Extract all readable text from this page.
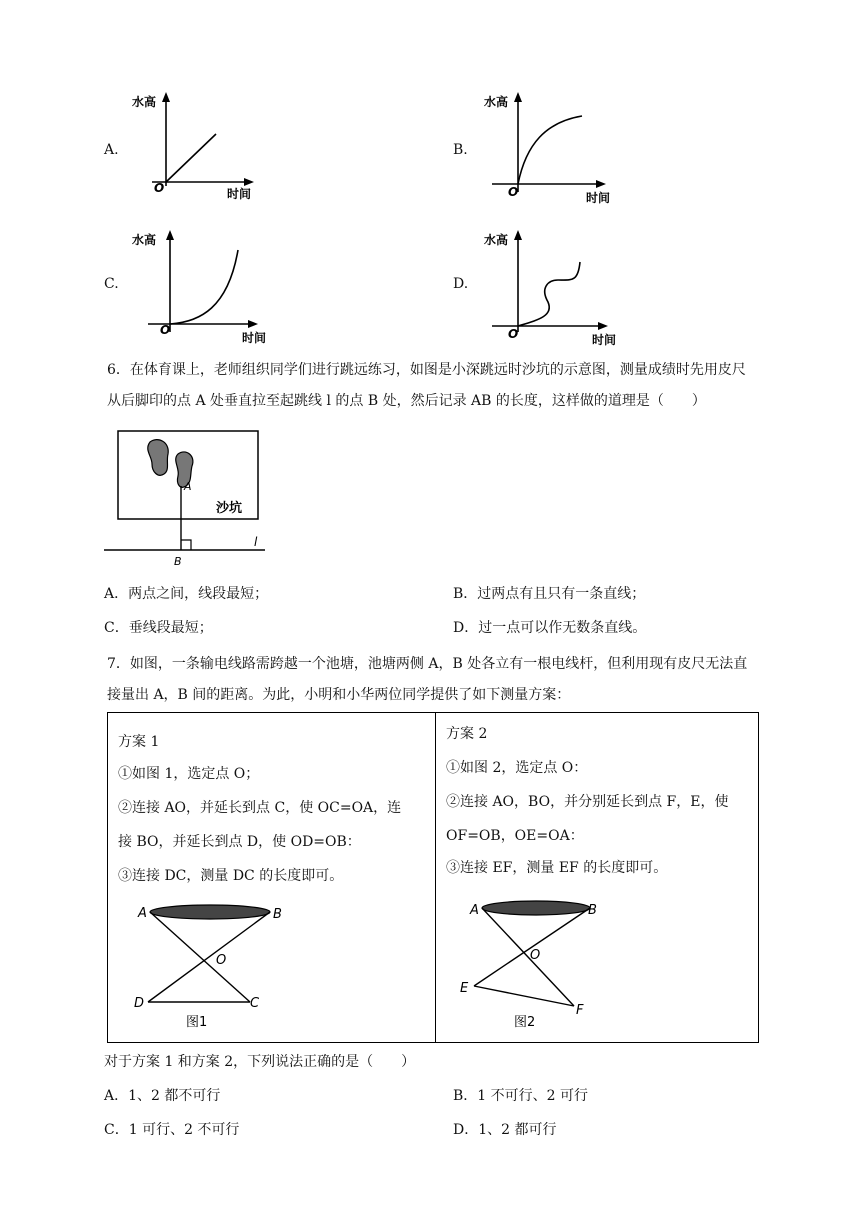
A.	B.
C.	D.
水高
时间
O
水高
时间
O
水高
时间
O
水高
时间
O
6．在体育课上，老师组织同学们进行跳远练习，如图是小深跳远时沙坑的示意图，测量成绩时先用皮尺
从后脚印的点 A 处垂直拉至起跳线 l 的点 B 处，然后记录 AB 的长度，这样做的道理是（　　）
A
B
l
沙坑
A．两点之间，线段最短；	B．过两点有且只有一条直线；
C．垂线段最短；	D．过一点可以作无数条直线。
7．如图，一条输电线路需跨越一个池塘，池塘两侧 A，B 处各立有一根电线杆，但利用现有皮尺无法直
接量出 A，B 间的距离。为此，小明和小华两位同学提供了如下测量方案：
方案 1
①如图 1，选定点 O；
②连接 AO，并延长到点 C，使 OC=OA，连
接 BO，并延长到点 D，使 OD=OB：
③连接 DC，测量 DC 的长度即可。
A	B
O
D	C
图1
方案 2
①如图 2，选定点 O：
②连接 AO，BO，并分别延长到点 F，E，使
OF=OB，OE=OA：
③连接 EF，测量 EF 的长度即可。
A	B
O
E
F
图2
对于方案 1 和方案 2，下列说法正确的是（　　）
A．1、2 都不可行	B．1 不可行、2 可行
C．1 可行、2 不可行	D．1、2 都可行
